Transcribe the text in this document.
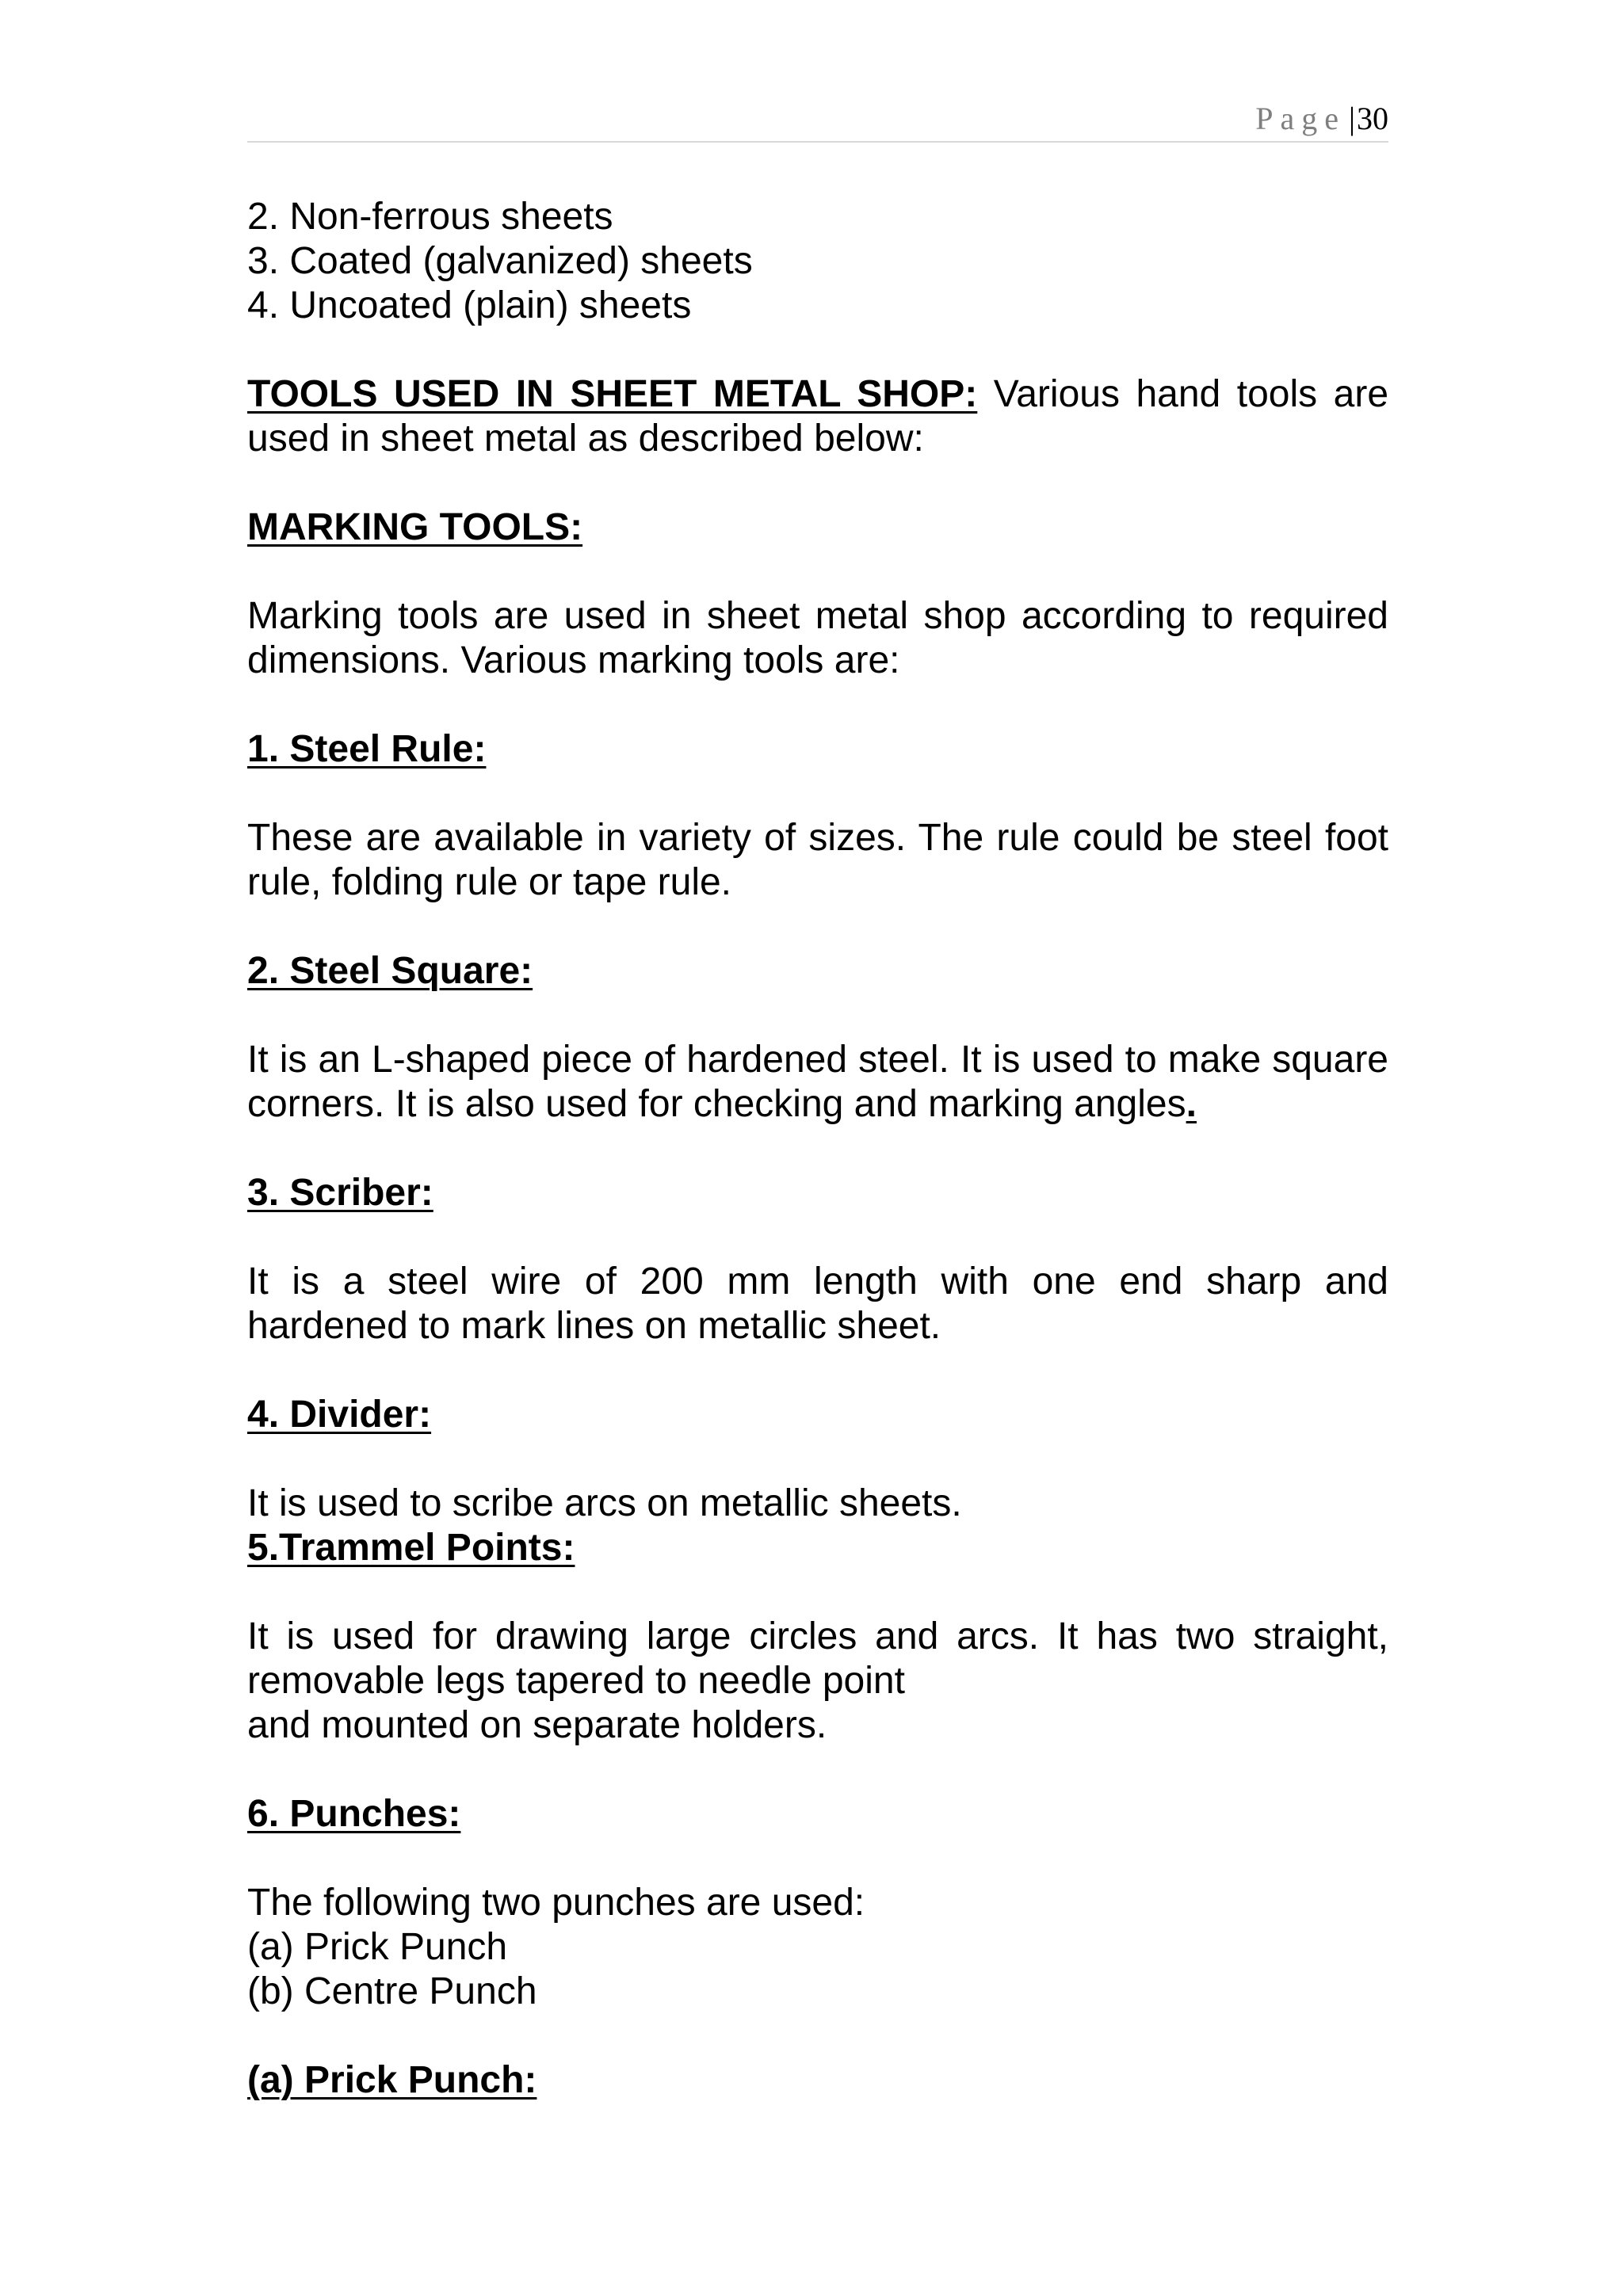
Page |30

2. Non-ferrous sheets

3. Coated (galvanized) sheets

4. Uncoated (plain) sheets

TOOLS USED IN SHEET METAL SHOP: Various hand tools are used in sheet metal as described below:

MARKING TOOLS:

Marking tools are used in sheet metal shop according to required dimensions. Various marking tools are:

1. Steel Rule:

These are available in variety of sizes. The rule could be steel foot rule, folding rule or tape rule.

2. Steel Square:

It is an L-shaped piece of hardened steel. It is used to make square corners. It is also used for checking and marking angles.

3. Scriber:

It is a steel wire of 200 mm length with one end sharp and hardened to mark lines on metallic sheet.

4. Divider:

It is used to scribe arcs on metallic sheets.

5.Trammel Points:

It is used for drawing large circles and arcs. It has two straight, removable legs tapered to needle point

and mounted on separate holders.

6. Punches:

The following two punches are used:

(a) Prick Punch

(b) Centre Punch

(a) Prick Punch:
